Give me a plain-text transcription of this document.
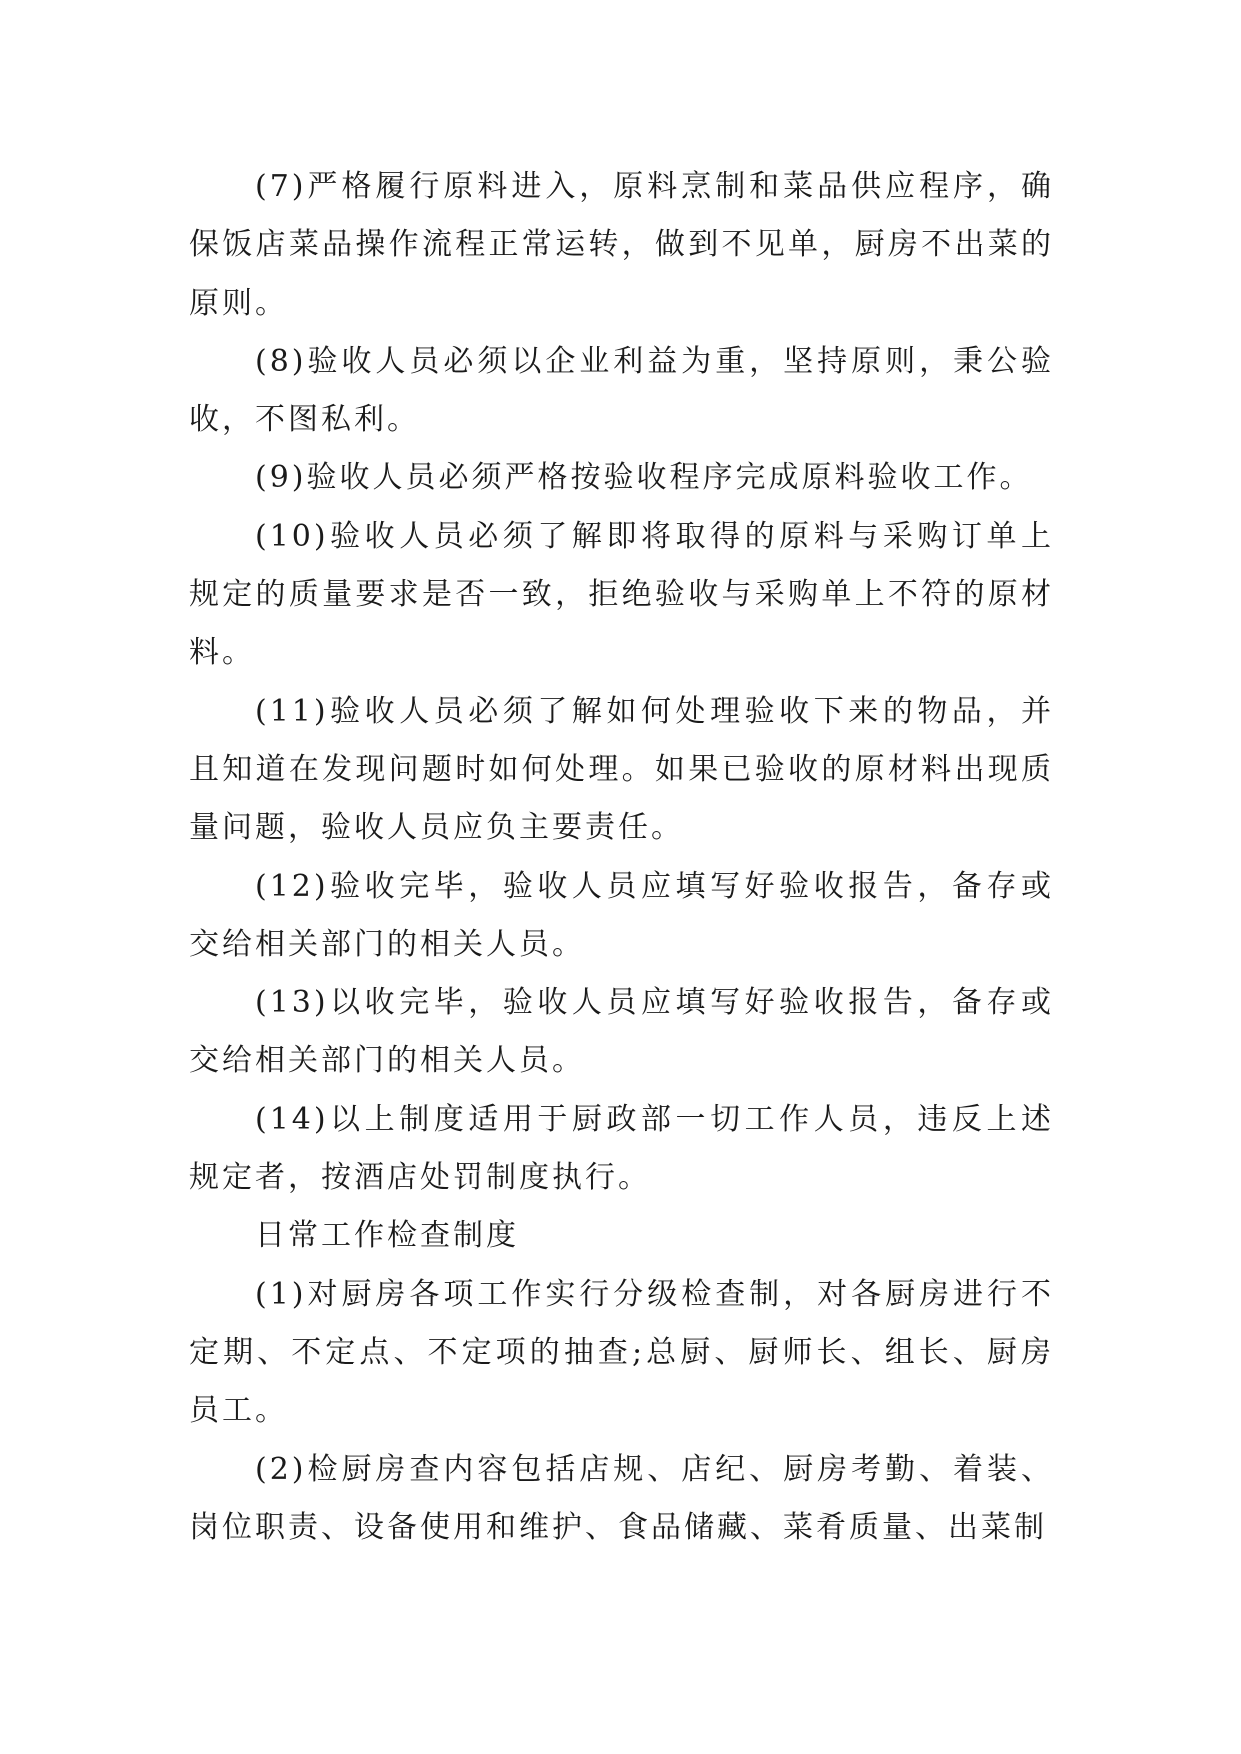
(7)严格履行原料进入，原料烹制和菜品供应程序，确保饭店菜品操作流程正常运转，做到不见单，厨房不出菜的原则。

(8)验收人员必须以企业利益为重，坚持原则，秉公验收，不图私利。

(9)验收人员必须严格按验收程序完成原料验收工作。

(10)验收人员必须了解即将取得的原料与采购订单上规定的质量要求是否一致，拒绝验收与采购单上不符的原材料。

(11)验收人员必须了解如何处理验收下来的物品，并且知道在发现问题时如何处理。如果已验收的原材料出现质量问题，验收人员应负主要责任。

(12)验收完毕，验收人员应填写好验收报告，备存或交给相关部门的相关人员。

(13)以收完毕，验收人员应填写好验收报告，备存或交给相关部门的相关人员。

(14)以上制度适用于厨政部一切工作人员，违反上述规定者，按酒店处罚制度执行。

日常工作检查制度

(1)对厨房各项工作实行分级检查制，对各厨房进行不定期、不定点、不定项的抽查;总厨、厨师长、组长、厨房员工。

(2)检厨房查内容包括店规、店纪、厨房考勤、着装、岗位职责、设备使用和维护、食品储藏、菜肴质量、出菜制
